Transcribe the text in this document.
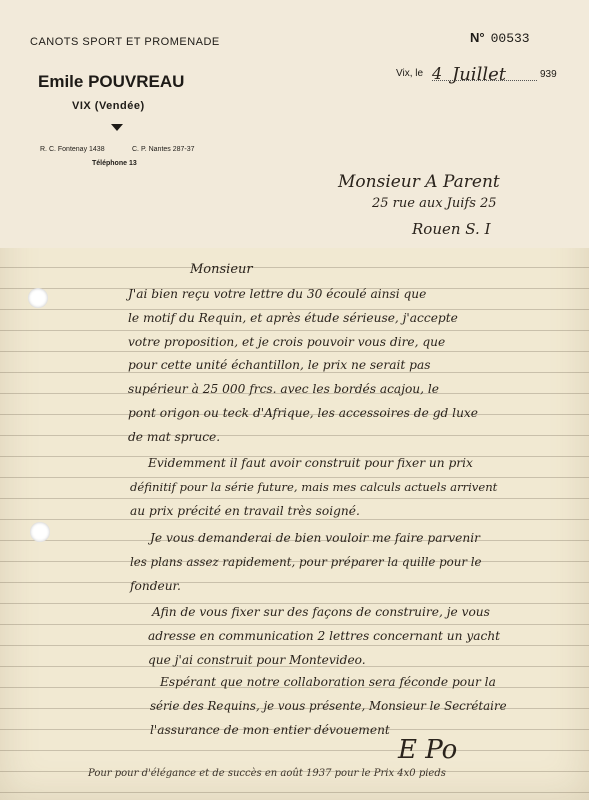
CANOTS SPORT ET PROMENADE
Emile POUVREAU
VIX (Vendée)
R. C. Fontenay 1438	C. P. Nantes 287-37
Téléphone 13
N° 00533
Vix, le 4 Juillet	939
Monsieur A Parent
25 rue aux Juifs 25
Rouen S. I
Monsieur
J'ai bien reçu votre lettre du 30 écoulé ainsi que
le motif du Requin, et après étude sérieuse, j'accepte
votre proposition, et je crois pouvoir vous dire, que
pour cette unité échantillon, le prix ne serait pas
supérieur à 25 000 frcs. avec les bordés acajou, le
pont origon ou teck d'Afrique, les accessoires de gd luxe
de mat spruce.
Evidemment il faut avoir construit pour fixer un prix
définitif pour la série future, mais mes calculs actuels arrivent
au prix précité en travail très soigné.
Je vous demanderai de bien vouloir me faire parvenir
les plans assez rapidement, pour préparer la quille pour le
fondeur.
Afin de vous fixer sur des façons de construire, je vous
adresse en communication 2 lettres concernant un yacht
que j'ai construit pour Montevideo.
Espérant que notre collaboration sera féconde pour la
série des Requins, je vous présente, Monsieur le Secrétaire
l'assurance de mon entier dévouement
E Po
Pour pour d'élégance et de succès en août 1937 pour le Prix 4x0 pieds
